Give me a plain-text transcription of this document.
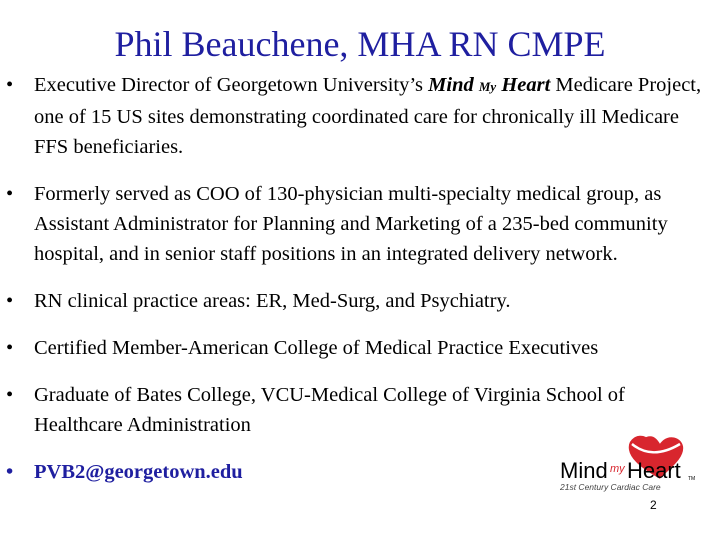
Phil Beauchene, MHA RN CMPE
• Executive Director of Georgetown University’s Mind My Heart Medicare Project, one of 15 US sites demonstrating coordinated care for chronically ill Medicare FFS beneficiaries.
• Formerly served as COO of 130-physician multi-specialty medical group, as Assistant Administrator for Planning and Marketing of a 235-bed community hospital, and in senior staff positions in an integrated delivery network.
• RN clinical practice areas: ER, Med-Surg, and Psychiatry.
• Certified Member-American College of Medical Practice Executives
• Graduate of Bates College, VCU-Medical College of Virginia School of Healthcare Administration
• PVB2@georgetown.edu	Mind my Heart TM
21st Century Cardiac Care
2
